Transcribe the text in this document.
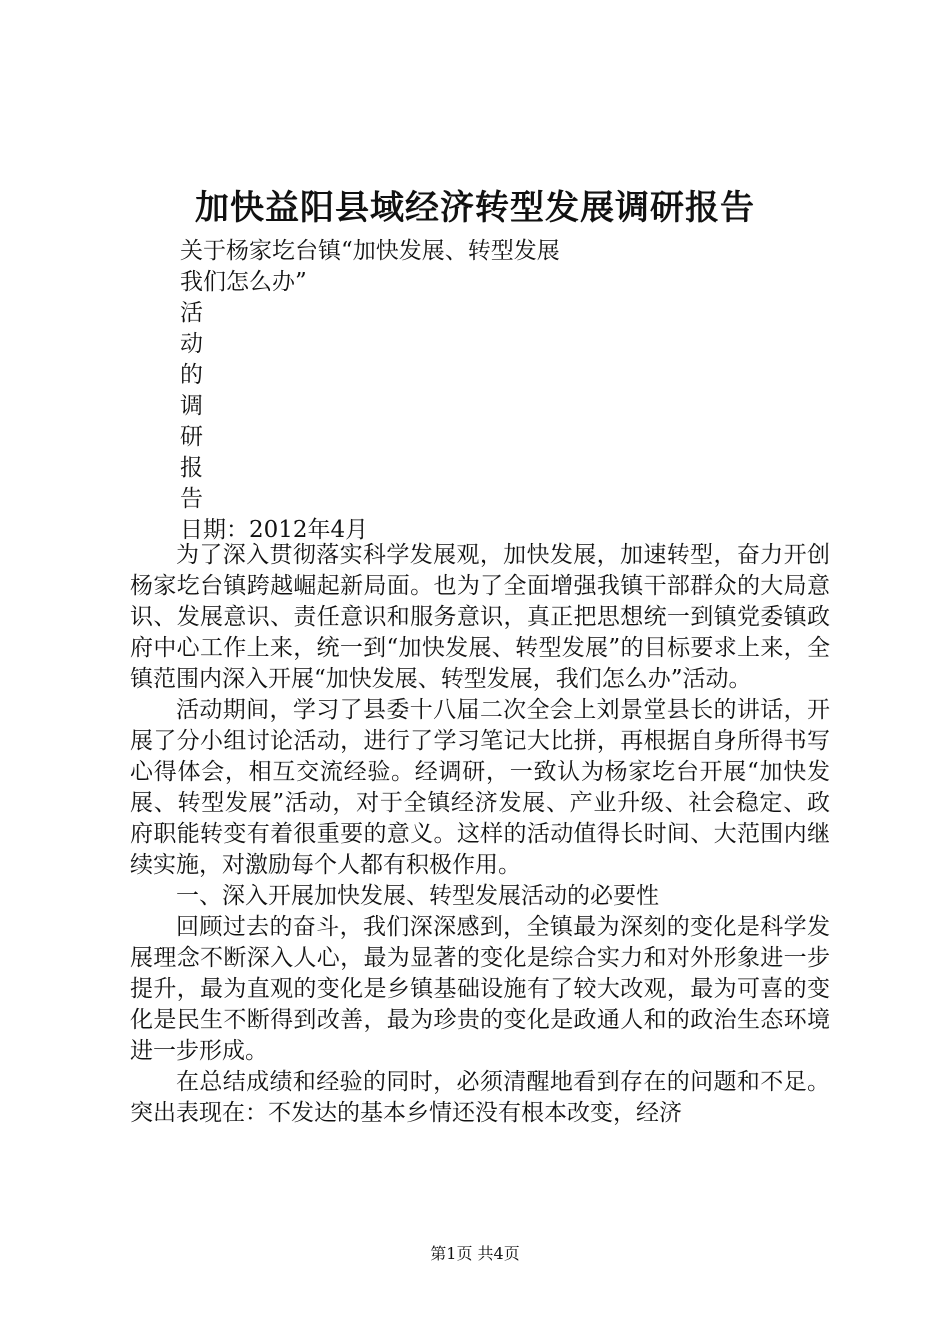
加快益阳县域经济转型发展调研报告
关于杨家圪台镇“加快发展、转型发展
我们怎么办”
活
动
的
调
研
报
告
日期：2012年4月

为了深入贯彻落实科学发展观，加快发展，加速转型，奋力开创杨家圪台镇跨越崛起新局面。也为了全面增强我镇干部群众的大局意识、发展意识、责任意识和服务意识，真正把思想统一到镇党委镇政府中心工作上来，统一到“加快发展、转型发展”的目标要求上来，全镇范围内深入开展“加快发展、转型发展，我们怎么办”活动。

活动期间，学习了县委十八届二次全会上刘景堂县长的讲话，开展了分小组讨论活动，进行了学习笔记大比拼，再根据自身所得书写心得体会，相互交流经验。经调研，一致认为杨家圪台开展“加快发展、转型发展”活动，对于全镇经济发展、产业升级、社会稳定、政府职能转变有着很重要的意义。这样的活动值得长时间、大范围内继续实施，对激励每个人都有积极作用。

一、深入开展加快发展、转型发展活动的必要性

回顾过去的奋斗，我们深深感到，全镇最为深刻的变化是科学发展理念不断深入人心，最为显著的变化是综合实力和对外形象进一步提升，最为直观的变化是乡镇基础设施有了较大改观，最为可喜的变化是民生不断得到改善，最为珍贵的变化是政通人和的政治生态环境进一步形成。

在总结成绩和经验的同时，必须清醒地看到存在的问题和不足。突出表现在：不发达的基本乡情还没有根本改变，经济

第1页 共4页
